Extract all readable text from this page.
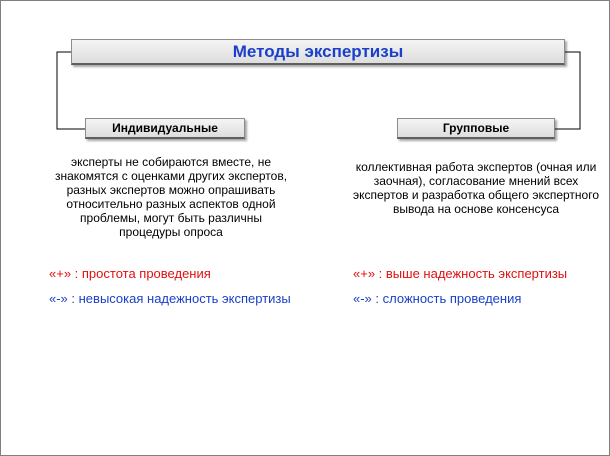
Методы экспертизы
Индивидуальные	Групповые
эксперты не собираются вместе, не знакомятся с оценками других экспертов, разных экспертов можно опрашивать относительно разных аспектов одной проблемы, могут быть различны процедуры опроса
коллективная работа экспертов (очная или заочная), согласование мнений всех экспертов и разработка общего экспертного вывода на основе консенсуса
«+» : простота проведения
«-» : невысокая надежность экспертизы
«+» : выше надежность экспертизы
«-» : сложность проведения
